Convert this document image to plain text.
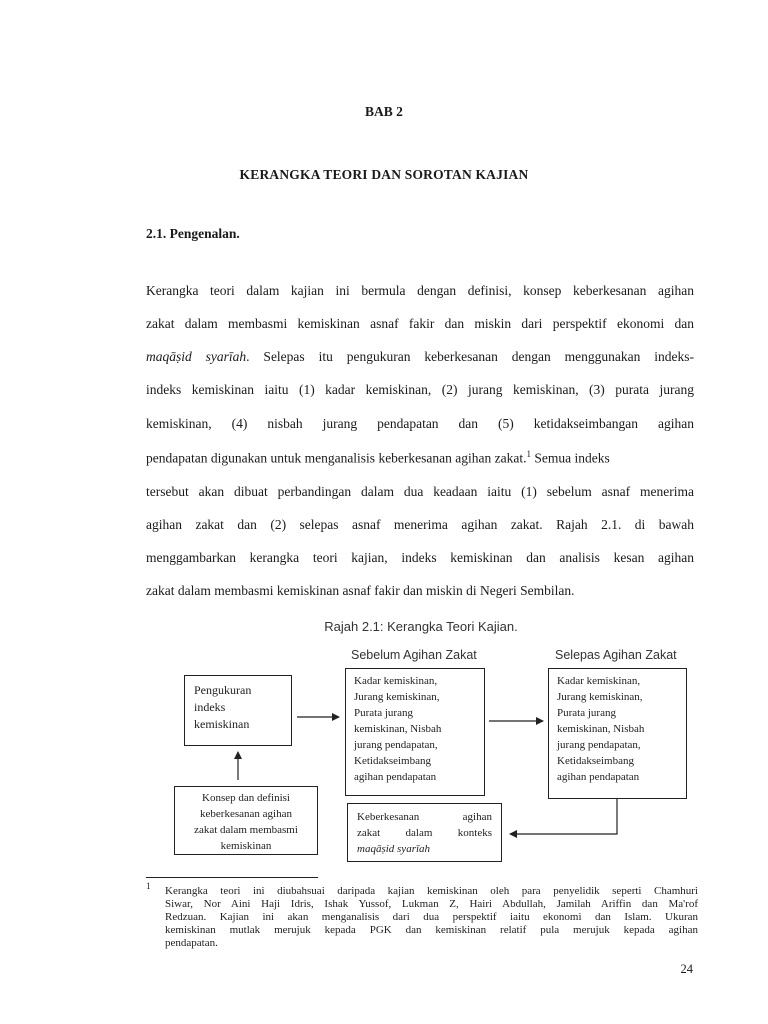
BAB 2
KERANGKA TEORI DAN SOROTAN KAJIAN
2.1. Pengenalan.
Kerangka teori dalam kajian ini bermula dengan definisi, konsep keberkesanan agihan
zakat dalam membasmi kemiskinan asnaf fakir dan miskin dari perspektif ekonomi dan
maqāṣid syarīah. Selepas itu pengukuran keberkesanan dengan menggunakan indeks-
indeks kemiskinan iaitu (1) kadar kemiskinan, (2) jurang kemiskinan, (3) purata jurang
kemiskinan, (4) nisbah jurang pendapatan dan (5) ketidakseimbangan agihan
pendapatan digunakan untuk menganalisis keberkesanan agihan zakat.$^1$ Semua indeks
tersebut akan dibuat perbandingan dalam dua keadaan iaitu (1) sebelum asnaf menerima
agihan zakat dan (2) selepas asnaf menerima agihan zakat. Rajah 2.1. di bawah
menggambarkan kerangka teori kajian, indeks kemiskinan dan analisis kesan agihan
zakat dalam membasmi kemiskinan asnaf fakir dan miskin di Negeri Sembilan.
Rajah 2.1: Kerangka Teori Kajian.
Sebelum Agihan Zakat	Selepas Agihan Zakat
Pengukuran
indeks
kemiskinan
Konsep dan definisi
keberkesanan agihan
zakat dalam membasmi
kemiskinan
Kadar kemiskinan,
Jurang kemiskinan,
Purata jurang
kemiskinan, Nisbah
jurang pendapatan,
Ketidakseimbang
agihan pendapatan
Kadar kemiskinan,
Jurang kemiskinan,
Purata jurang
kemiskinan, Nisbah
jurang pendapatan,
Ketidakseimbang
agihan pendapatan
Keberkesanan agihan
zakat dalam konteks
maqāṣid syarīah
1 Kerangka teori ini diubahsuai daripada kajian kemiskinan oleh para penyelidik seperti Chamhuri
Siwar, Nor Aini Haji Idris, Ishak Yussof, Lukman Z, Hairi Abdullah, Jamilah Ariffin dan Ma'rof
Redzuan. Kajian ini akan menganalisis dari dua perspektif iaitu ekonomi dan Islam. Ukuran
kemiskinan mutlak merujuk kepada PGK dan kemiskinan relatif pula merujuk kepada agihan
pendapatan.
24
